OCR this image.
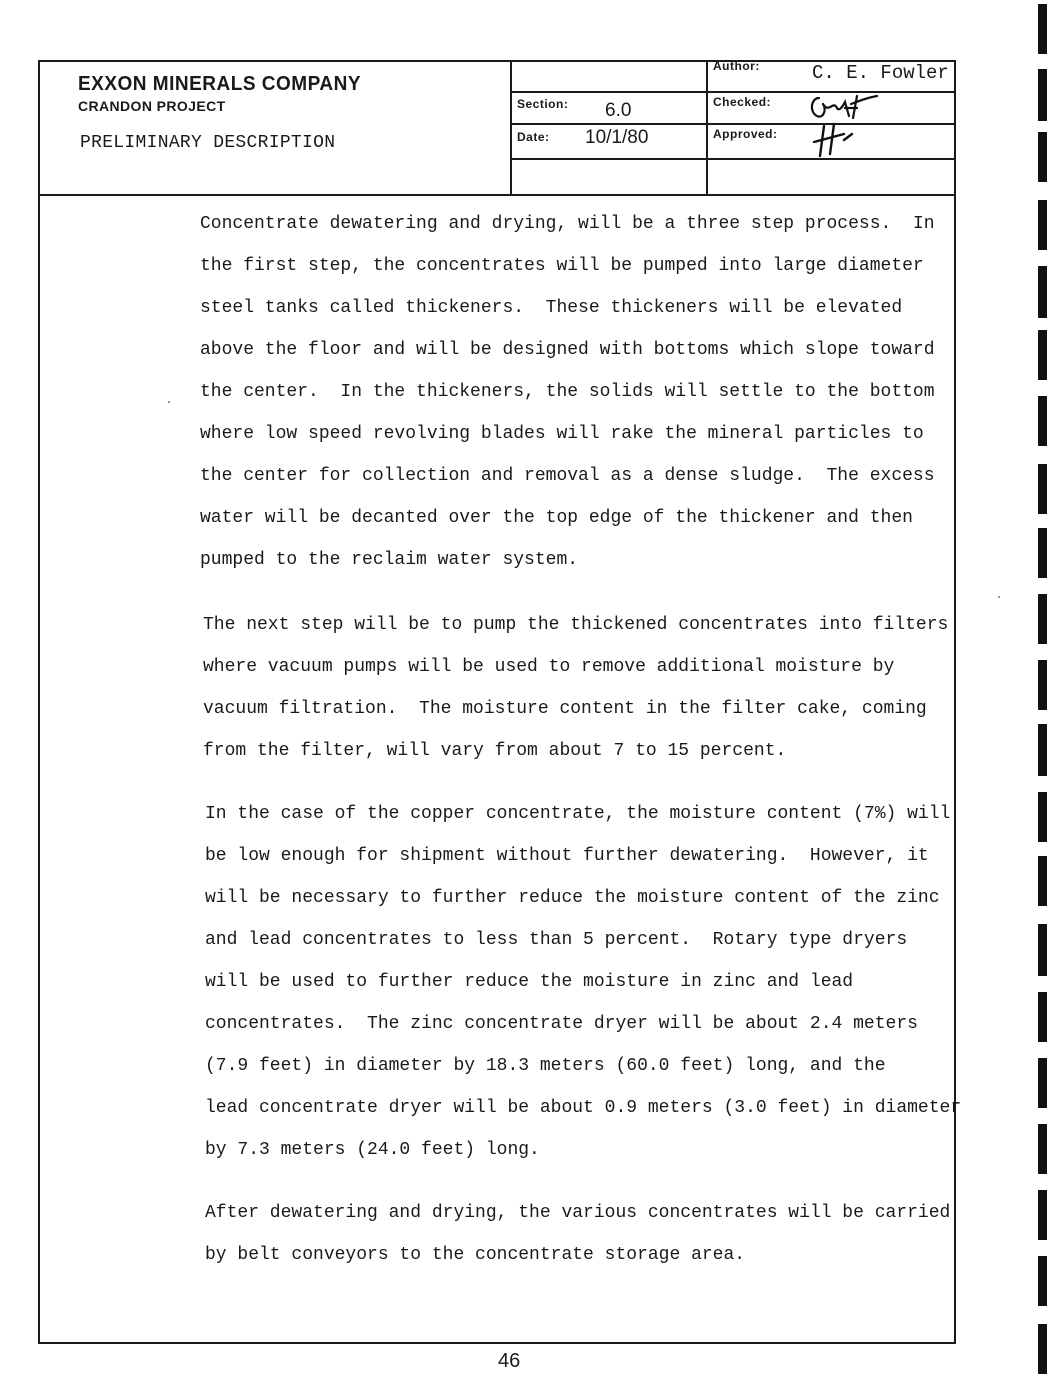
EXXON MINERALS COMPANY
CRANDON PROJECT
PRELIMINARY DESCRIPTION
Author:	C. E. Fowler
Section: 6.0	Checked:
Date: 10/1/80	Approved:
Concentrate dewatering and drying, will be a three step process.  In
the first step, the concentrates will be pumped into large diameter
steel tanks called thickeners.  These thickeners will be elevated
above the floor and will be designed with bottoms which slope toward
the center.  In the thickeners, the solids will settle to the bottom
where low speed revolving blades will rake the mineral particles to
the center for collection and removal as a dense sludge.  The excess
water will be decanted over the top edge of the thickener and then
pumped to the reclaim water system.
The next step will be to pump the thickened concentrates into filters
where vacuum pumps will be used to remove additional moisture by
vacuum filtration.  The moisture content in the filter cake, coming
from the filter, will vary from about 7 to 15 percent.
In the case of the copper concentrate, the moisture content (7%) will
be low enough for shipment without further dewatering.  However, it
will be necessary to further reduce the moisture content of the zinc
and lead concentrates to less than 5 percent.  Rotary type dryers
will be used to further reduce the moisture in zinc and lead
concentrates.  The zinc concentrate dryer will be about 2.4 meters
(7.9 feet) in diameter by 18.3 meters (60.0 feet) long, and the
lead concentrate dryer will be about 0.9 meters (3.0 feet) in diameter
by 7.3 meters (24.0 feet) long.
After dewatering and drying, the various concentrates will be carried
by belt conveyors to the concentrate storage area.
46
